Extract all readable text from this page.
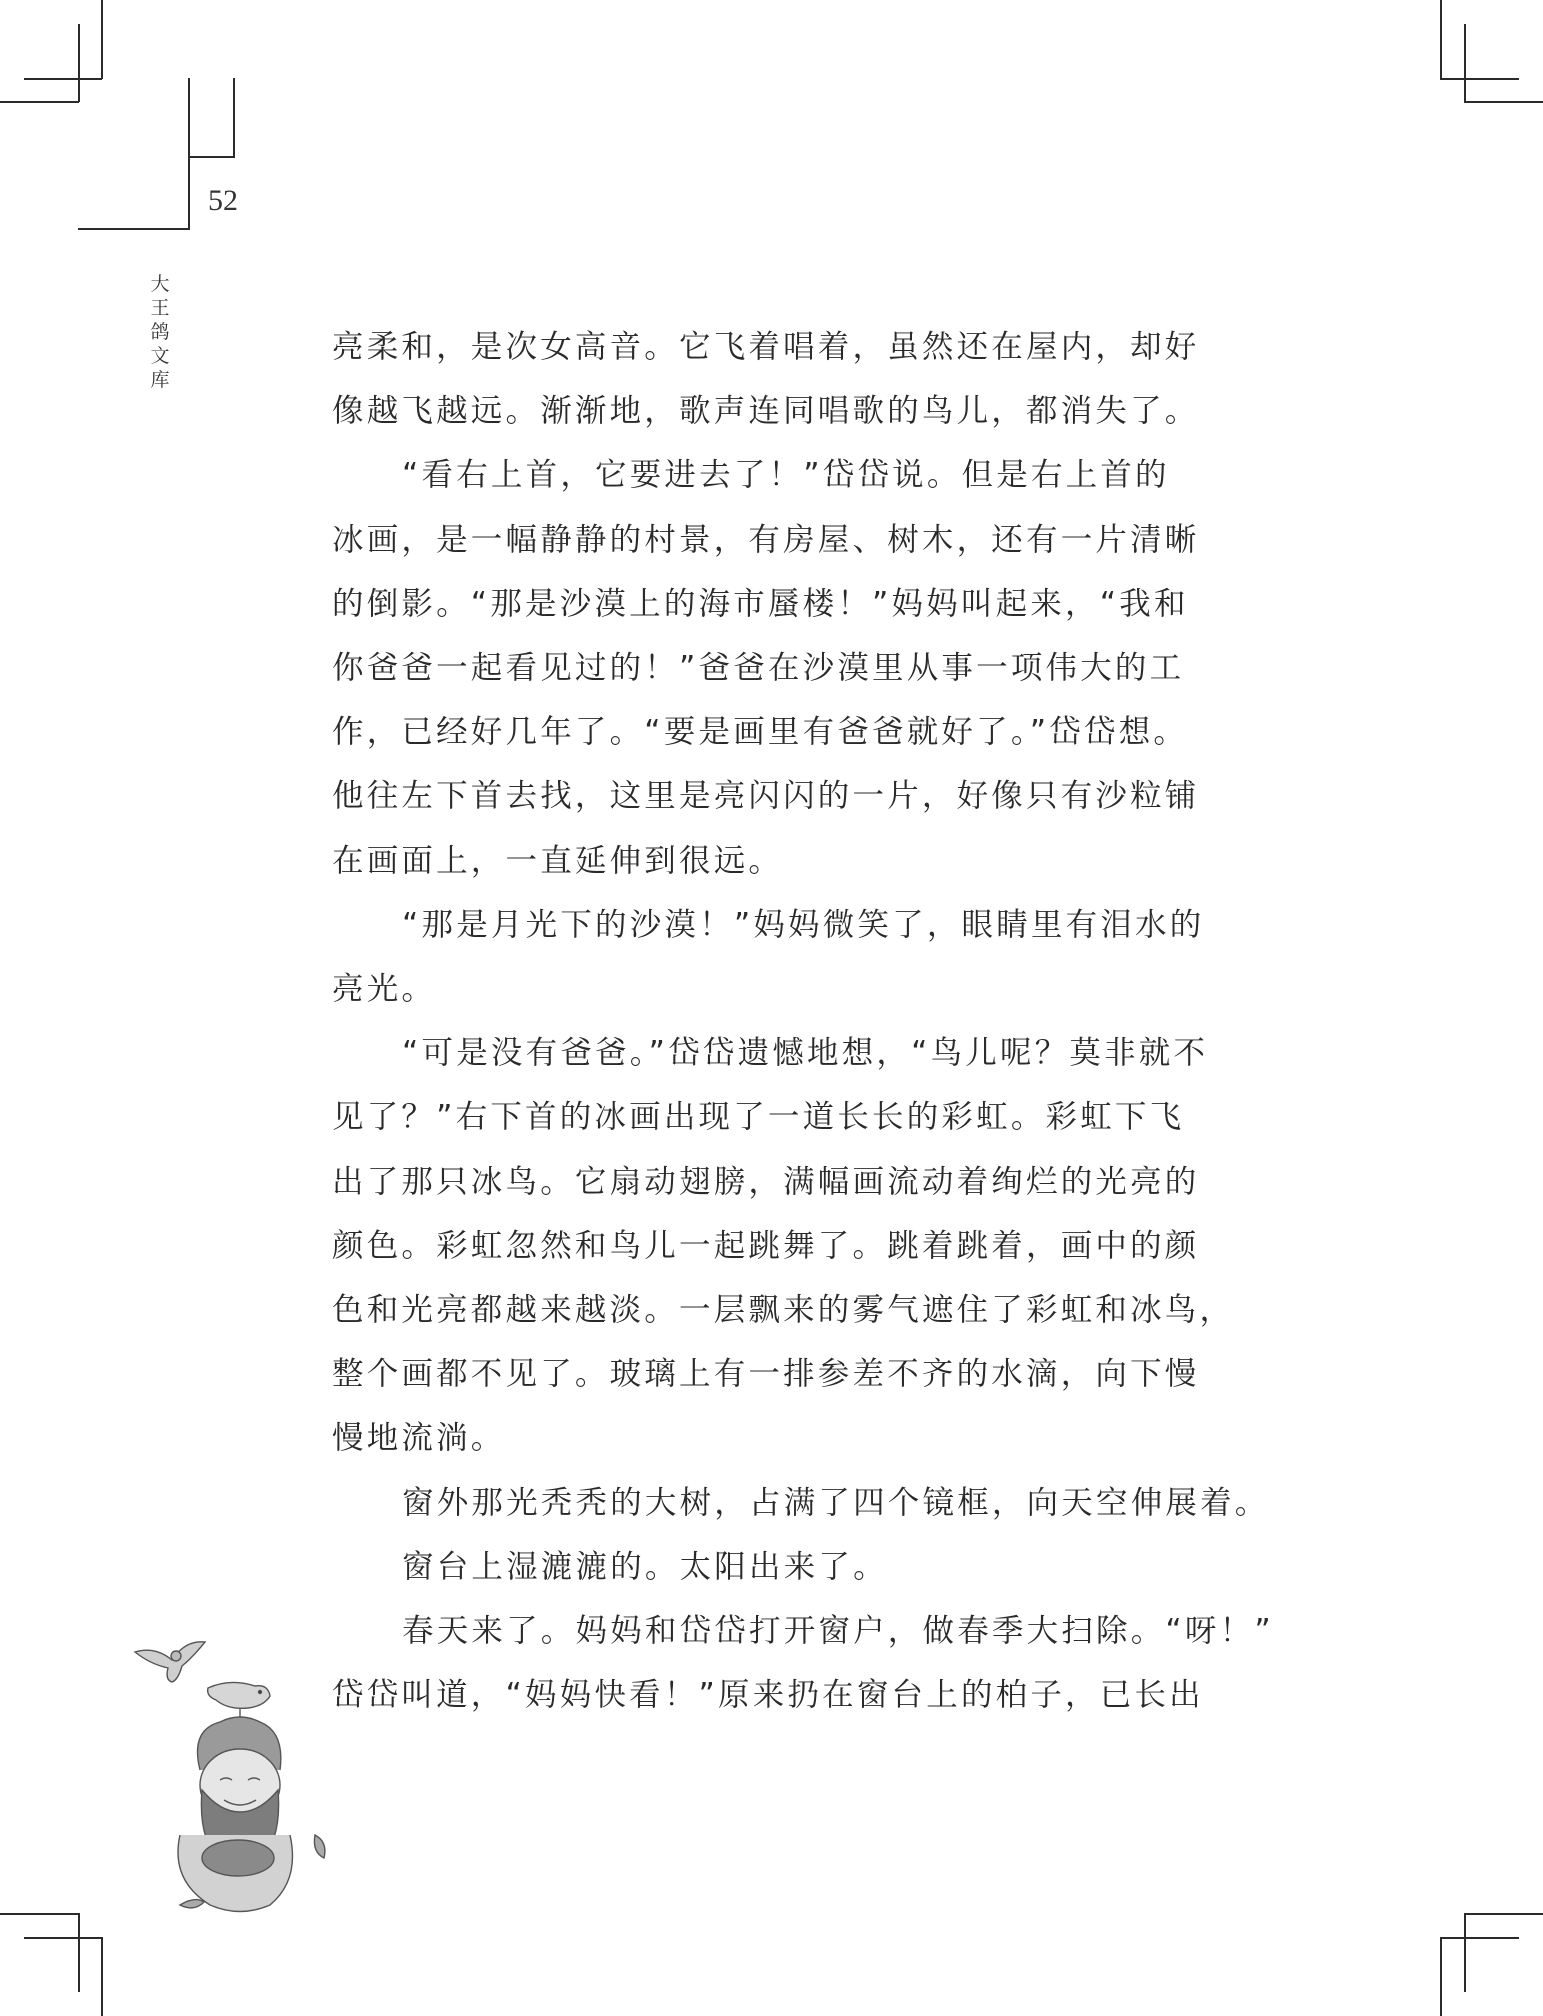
52
大
王
鸽
文
库
亮柔和，是次女高音。它飞着唱着，虽然还在屋内，却好
像越飞越远。渐渐地，歌声连同唱歌的鸟儿，都消失了。
“看右上首，它要进去了！”岱岱说。但是右上首的
冰画，是一幅静静的村景，有房屋、树木，还有一片清晰
的倒影。“那是沙漠上的海市蜃楼！”妈妈叫起来，“我和
你爸爸一起看见过的！”爸爸在沙漠里从事一项伟大的工
作，已经好几年了。“要是画里有爸爸就好了。”岱岱想。
他往左下首去找，这里是亮闪闪的一片，好像只有沙粒铺
在画面上，一直延伸到很远。
“那是月光下的沙漠！”妈妈微笑了，眼睛里有泪水的
亮光。
“可是没有爸爸。”岱岱遗憾地想，“鸟儿呢？莫非就不
见了？”右下首的冰画出现了一道长长的彩虹。彩虹下飞
出了那只冰鸟。它扇动翅膀，满幅画流动着绚烂的光亮的
颜色。彩虹忽然和鸟儿一起跳舞了。跳着跳着，画中的颜
色和光亮都越来越淡。一层飘来的雾气遮住了彩虹和冰鸟，
整个画都不见了。玻璃上有一排参差不齐的水滴，向下慢
慢地流淌。
窗外那光秃秃的大树，占满了四个镜框，向天空伸展着。
窗台上湿漉漉的。太阳出来了。
春天来了。妈妈和岱岱打开窗户，做春季大扫除。“呀！”
岱岱叫道，“妈妈快看！”原来扔在窗台上的柏子，已长出
